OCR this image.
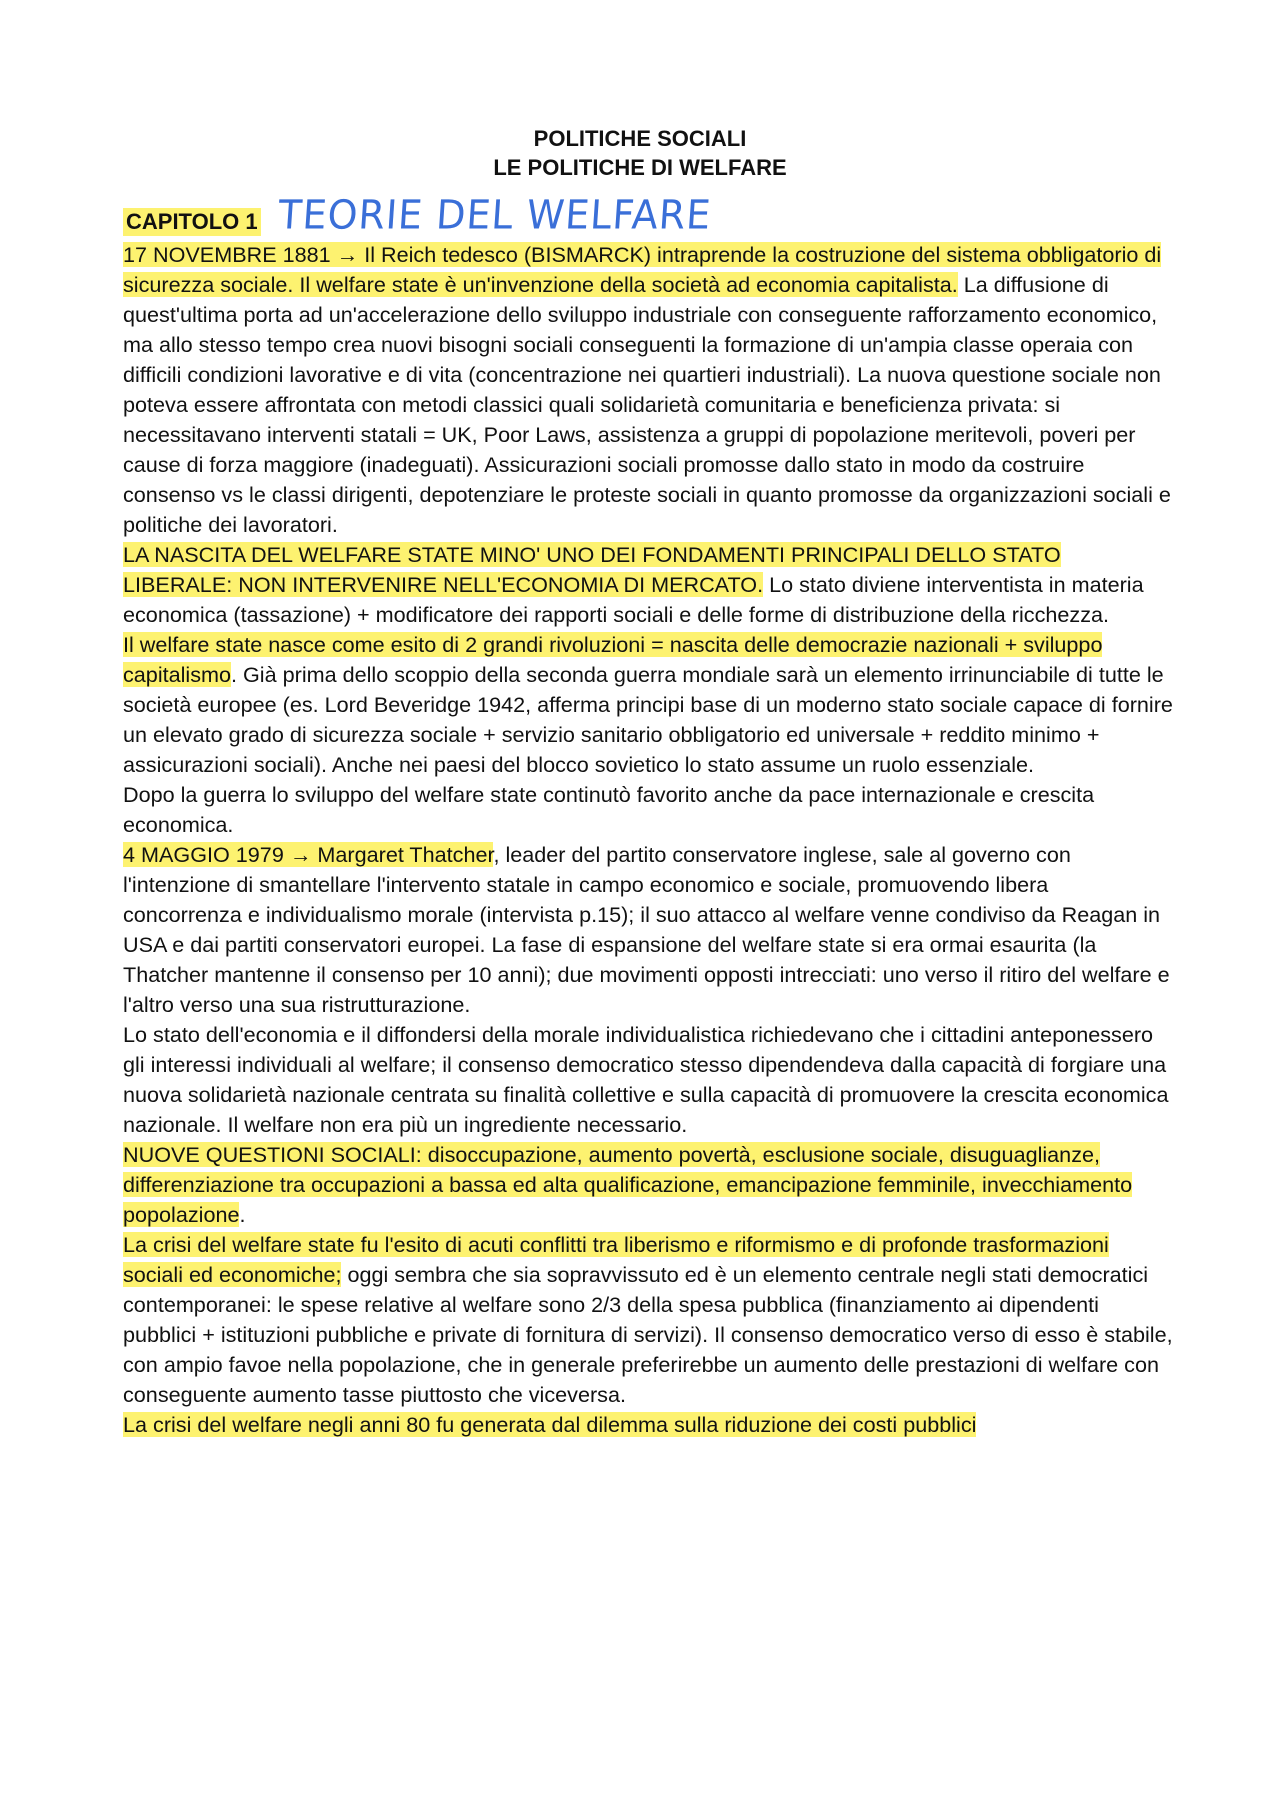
POLITICHE SOCIALI
LE POLITICHE DI WELFARE
CAPITOLO 1 TEORIE DEL WELFARE

17 NOVEMBRE 1881 → Il Reich tedesco (BISMARCK) intraprende la costruzione del sistema obbligatorio di sicurezza sociale. Il welfare state è un'invenzione della società ad economia capitalista. La diffusione di quest'ultima porta ad un'accelerazione dello sviluppo industriale con conseguente rafforzamento economico, ma allo stesso tempo crea nuovi bisogni sociali conseguenti la formazione di un'ampia classe operaia con difficili condizioni lavorative e di vita (concentrazione nei quartieri industriali). La nuova questione sociale non poteva essere affrontata con metodi classici quali solidarietà comunitaria e beneficienza privata: si necessitavano interventi statali = UK, Poor Laws, assistenza a gruppi di popolazione meritevoli, poveri per cause di forza maggiore (inadeguati). Assicurazioni sociali promosse dallo stato in modo da costruire consenso vs le classi dirigenti, depotenziare le proteste sociali in quanto promosse da organizzazioni sociali e politiche dei lavoratori.

LA NASCITA DEL WELFARE STATE MINO' UNO DEI FONDAMENTI PRINCIPALI DELLO STATO LIBERALE: NON INTERVENIRE NELL'ECONOMIA DI MERCATO. Lo stato diviene interventista in materia economica (tassazione) + modificatore dei rapporti sociali e delle forme di distribuzione della ricchezza.

Il welfare state nasce come esito di 2 grandi rivoluzioni = nascita delle democrazie nazionali + sviluppo capitalismo. Già prima dello scoppio della seconda guerra mondiale sarà un elemento irrinunciabile di tutte le società europee (es. Lord Beveridge 1942, afferma principi base di un moderno stato sociale capace di fornire un elevato grado di sicurezza sociale + servizio sanitario obbligatorio ed universale + reddito minimo + assicurazioni sociali). Anche nei paesi del blocco sovietico lo stato assume un ruolo essenziale.

Dopo la guerra lo sviluppo del welfare state continutò favorito anche da pace internazionale e crescita economica.

4 MAGGIO 1979 → Margaret Thatcher, leader del partito conservatore inglese, sale al governo con l'intenzione di smantellare l'intervento statale in campo economico e sociale, promuovendo libera concorrenza e individualismo morale (intervista p.15); il suo attacco al welfare venne condiviso da Reagan in USA e dai partiti conservatori europei. La fase di espansione del welfare state si era ormai esaurita (la Thatcher mantenne il consenso per 10 anni); due movimenti opposti intrecciati: uno verso il ritiro del welfare e l'altro verso una sua ristrutturazione.

Lo stato dell'economia e il diffondersi della morale individualistica richiedevano che i cittadini anteponessero gli interessi individuali al welfare; il consenso democratico stesso dipendendeva dalla capacità di forgiare una nuova solidarietà nazionale centrata su finalità collettive e sulla capacità di promuovere la crescita economica nazionale. Il welfare non era più un ingrediente necessario.

NUOVE QUESTIONI SOCIALI: disoccupazione, aumento povertà, esclusione sociale, disuguaglianze, differenziazione tra occupazioni a bassa ed alta qualificazione, emancipazione femminile, invecchiamento popolazione.

La crisi del welfare state fu l'esito di acuti conflitti tra liberismo e riformismo e di profonde trasformazioni sociali ed economiche; oggi sembra che sia sopravvissuto ed è un elemento centrale negli stati democratici contemporanei: le spese relative al welfare sono 2/3 della spesa pubblica (finanziamento ai dipendenti pubblici + istituzioni pubbliche e private di fornitura di servizi). Il consenso democratico verso di esso è stabile, con ampio favoe nella popolazione, che in generale preferirebbe un aumento delle prestazioni di welfare con conseguente aumento tasse piuttosto che viceversa.

La crisi del welfare negli anni 80 fu generata dal dilemma sulla riduzione dei costi pubblici
